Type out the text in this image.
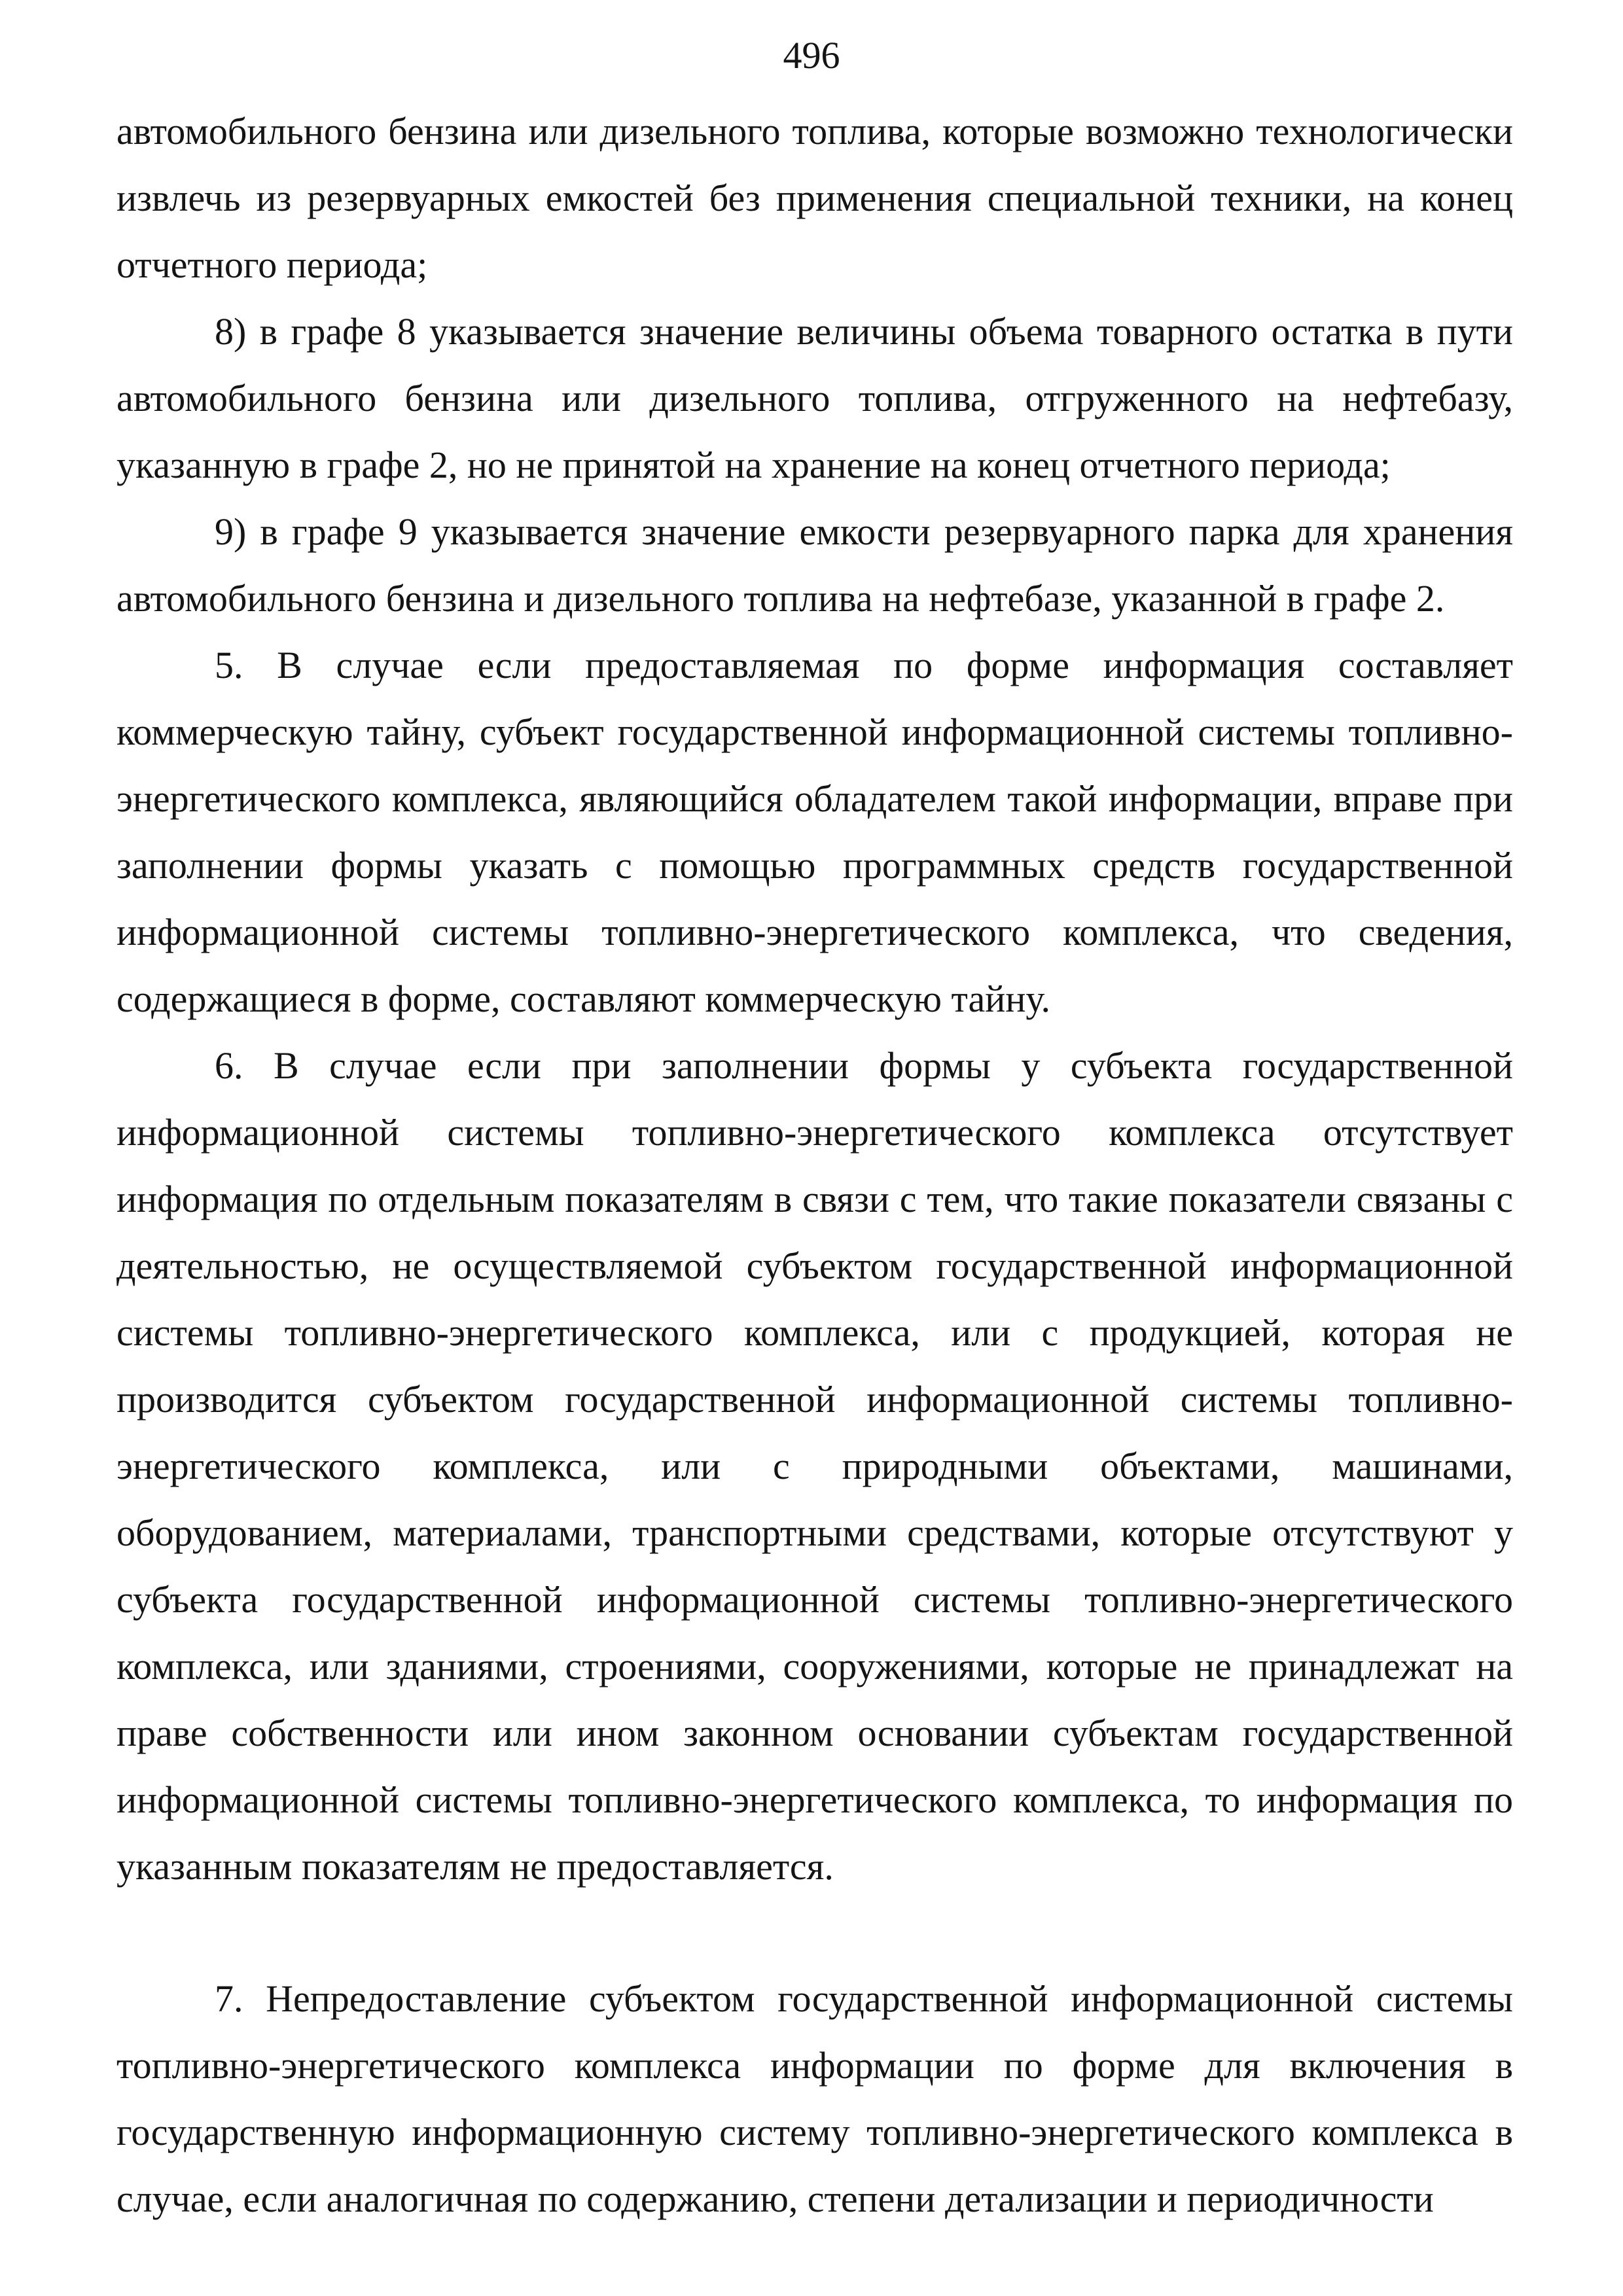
496

автомобильного бензина или дизельного топлива, которые возможно технологически извлечь из резервуарных емкостей без применения специальной техники, на конец отчетного периода;

8) в графе 8 указывается значение величины объема товарного остатка в пути автомобильного бензина или дизельного топлива, отгруженного на нефтебазу, указанную в графе 2, но не принятой на хранение на конец отчетного периода;

9) в графе 9 указывается значение емкости резервуарного парка для хранения автомобильного бензина и дизельного топлива на нефтебазе, указанной в графе 2.

5. В случае если предоставляемая по форме информация составляет коммерческую тайну, субъект государственной информационной системы топливно-энергетического комплекса, являющийся обладателем такой информации, вправе при заполнении формы указать с помощью программных средств государственной информационной системы топливно-энергетического комплекса, что сведения, содержащиеся в форме, составляют коммерческую тайну.

6. В случае если при заполнении формы у субъекта государственной информационной системы топливно-энергетического комплекса отсутствует информация по отдельным показателям в связи с тем, что такие показатели связаны с деятельностью, не осуществляемой субъектом государственной информационной системы топливно-энергетического комплекса, или с продукцией, которая не производится субъектом государственной информационной системы топливно-энергетического комплекса, или с природными объектами, машинами, оборудованием, материалами, транспортными средствами, которые отсутствуют у субъекта государственной информационной системы топливно-энергетического комплекса, или зданиями, строениями, сооружениями, которые не принадлежат на праве собственности или ином законном основании субъектам государственной информационной системы топливно-энергетического комплекса, то информация по указанным показателям не предоставляется.

7. Непредоставление субъектом государственной информационной системы топливно-энергетического комплекса информации по форме для включения в государственную информационную систему топливно-энергетического комплекса в случае, если аналогичная по содержанию, степени детализации и периодичности
